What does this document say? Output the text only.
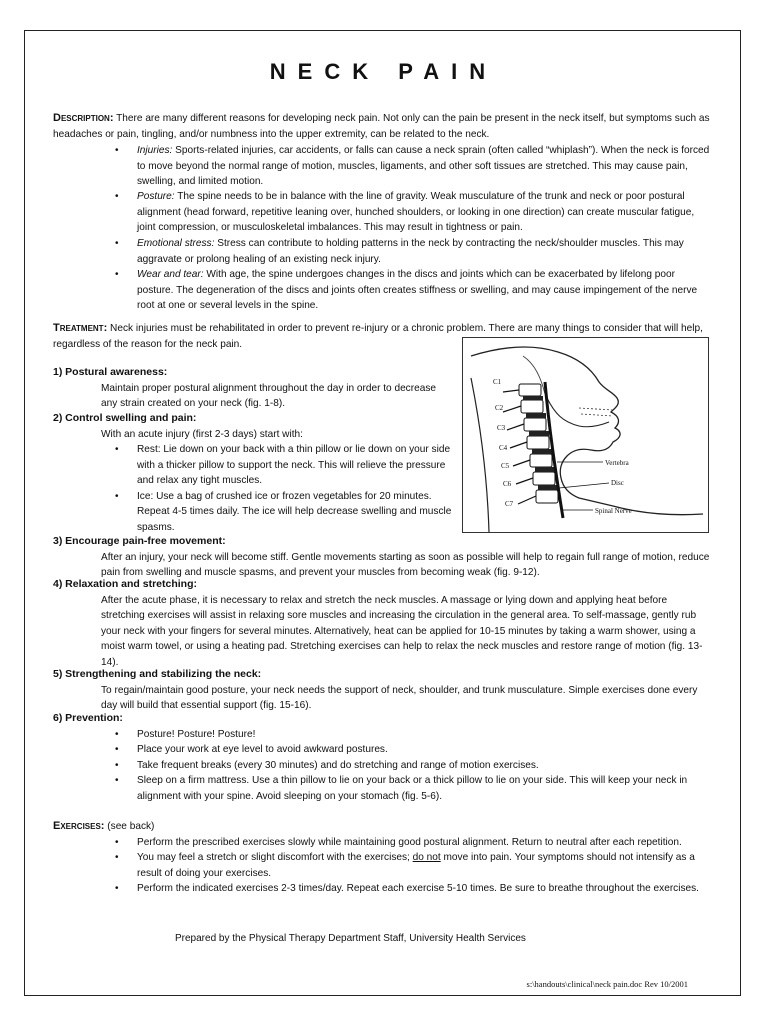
NECK PAIN
Description: There are many different reasons for developing neck pain. Not only can the pain be present in the neck itself, but symptoms such as headaches or pain, tingling, and/or numbness into the upper extremity, can be related to the neck.
• Injuries: Sports-related injuries, car accidents, or falls can cause a neck sprain (often called “whiplash”). When the neck is forced to move beyond the normal range of motion, muscles, ligaments, and other soft tissues are stretched. This may cause pain, swelling, and limited motion.
• Posture: The spine needs to be in balance with the line of gravity. Weak musculature of the trunk and neck or poor postural alignment (head forward, repetitive leaning over, hunched shoulders, or looking in one direction) can create muscular fatigue, joint compression, or musculoskeletal imbalances. This may result in tightness or pain.
• Emotional stress: Stress can contribute to holding patterns in the neck by contracting the neck/shoulder muscles. This may aggravate or prolong healing of an existing neck injury.
• Wear and tear: With age, the spine undergoes changes in the discs and joints which can be exacerbated by lifelong poor posture. The degeneration of the discs and joints often creates stiffness or swelling, and may cause impingement of the nerve root at one or several levels in the spine.
Treatment: Neck injuries must be rehabilitated in order to prevent re-injury or a chronic problem. There are many things to consider that will help, regardless of the reason for the neck pain.
1) Postural awareness:
Maintain proper postural alignment throughout the day in order to decrease any strain created on your neck (fig. 1-8).
2) Control swelling and pain:
With an acute injury (first 2-3 days) start with:
• Rest: Lie down on your back with a thin pillow or lie down on your side with a thicker pillow to support the neck. This will relieve the pressure and relax any tight muscles.
• Ice: Use a bag of crushed ice or frozen vegetables for 20 minutes. Repeat 4-5 times daily. The ice will help decrease swelling and muscle spasms.
C1
C2
C3
C4
C5
C6
C7
Vertebra
Disc
Spinal Nerve
3) Encourage pain-free movement:
After an injury, your neck will become stiff. Gentle movements starting as soon as possible will help to regain full range of motion, reduce pain from swelling and muscle spasms, and prevent your muscles from becoming weak (fig. 9-12).
4) Relaxation and stretching:
After the acute phase, it is necessary to relax and stretch the neck muscles. A massage or lying down and applying heat before stretching exercises will assist in relaxing sore muscles and increasing the circulation in the general area. To self-massage, gently rub your neck with your fingers for several minutes. Alternatively, heat can be applied for 10-15 minutes by taking a warm shower, using a moist warm towel, or using a heating pad. Stretching exercises can help to relax the neck muscles and restore range of motion (fig. 13-14).
5) Strengthening and stabilizing the neck:
To regain/maintain good posture, your neck needs the support of neck, shoulder, and trunk musculature. Simple exercises done every day will build that essential support (fig. 15-16).
6) Prevention:
• Posture! Posture! Posture!
• Place your work at eye level to avoid awkward postures.
• Take frequent breaks (every 30 minutes) and do stretching and range of motion exercises.
• Sleep on a firm mattress. Use a thin pillow to lie on your back or a thick pillow to lie on your side. This will keep your neck in alignment with your spine. Avoid sleeping on your stomach (fig. 5-6).
Exercises: (see back)
• Perform the prescribed exercises slowly while maintaining good postural alignment. Return to neutral after each repetition.
• You may feel a stretch or slight discomfort with the exercises; do not move into pain. Your symptoms should not intensify as a result of doing your exercises.
• Perform the indicated exercises 2-3 times/day. Repeat each exercise 5-10 times. Be sure to breathe throughout the exercises.
Prepared by the Physical Therapy Department Staff, University Health Services
s:\handouts\clinical\neck pain.doc Rev 10/2001
